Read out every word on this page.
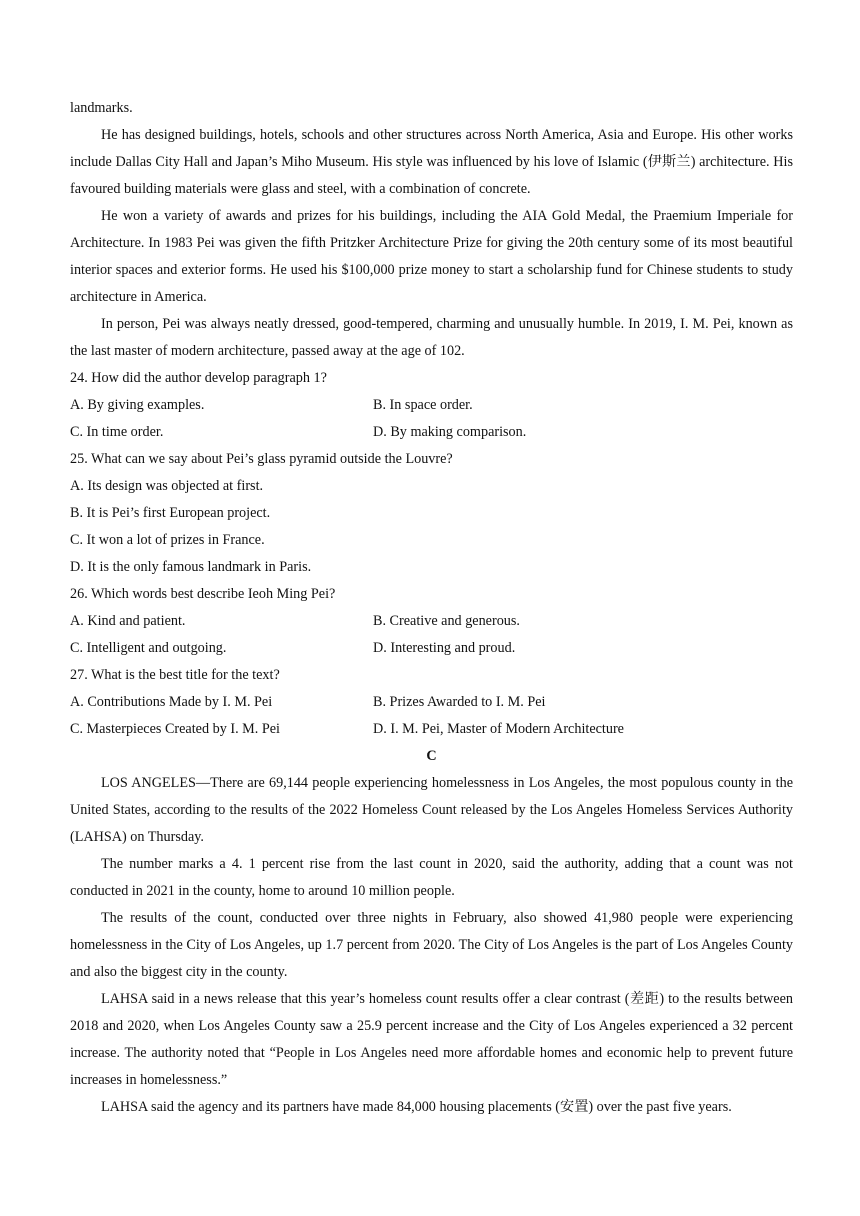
landmarks.

He has designed buildings, hotels, schools and other structures across North America, Asia and Europe. His other works include Dallas City Hall and Japan’s Miho Museum. His style was influenced by his love of Islamic (伊斯兰) architecture. His favoured building materials were glass and steel, with a combination of concrete.

He won a variety of awards and prizes for his buildings, including the AIA Gold Medal, the Praemium Imperiale for Architecture. In 1983 Pei was given the fifth Pritzker Architecture Prize for giving the 20th century some of its most beautiful interior spaces and exterior forms. He used his $100,000 prize money to start a scholarship fund for Chinese students to study architecture in America.

In person, Pei was always neatly dressed, good-tempered, charming and unusually humble. In 2019, I. M. Pei, known as the last master of modern architecture, passed away at the age of 102.

24. How did the author develop paragraph 1?

A. By giving examples.	B. In space order.
C. In time order.	D. By making comparison.

25. What can we say about Pei’s glass pyramid outside the Louvre?

A. Its design was objected at first.

B. It is Pei’s first European project.

C. It won a lot of prizes in France.

D. It is the only famous landmark in Paris.

26. Which words best describe Ieoh Ming Pei?

A. Kind and patient.	B. Creative and generous.
C. Intelligent and outgoing.	D. Interesting and proud.

27. What is the best title for the text?

A. Contributions Made by I. M. Pei	B. Prizes Awarded to I. M. Pei
C. Masterpieces Created by I. M. Pei	D. I. M. Pei, Master of Modern Architecture

C

LOS ANGELES—There are 69,144 people experiencing homelessness in Los Angeles, the most populous county in the United States, according to the results of the 2022 Homeless Count released by the Los Angeles Homeless Services Authority (LAHSA) on Thursday.

The number marks a 4. 1 percent rise from the last count in 2020, said the authority, adding that a count was not conducted in 2021 in the county, home to around 10 million people.

The results of the count, conducted over three nights in February, also showed 41,980 people were experiencing homelessness in the City of Los Angeles, up 1.7 percent from 2020. The City of Los Angeles is the part of Los Angeles County and also the biggest city in the county.

LAHSA said in a news release that this year’s homeless count results offer a clear contrast (差距) to the results between 2018 and 2020, when Los Angeles County saw a 25.9 percent increase and the City of Los Angeles experienced a 32 percent increase. The authority noted that “People in Los Angeles need more affordable homes and economic help to prevent future increases in homelessness.”

LAHSA said the agency and its partners have made 84,000 housing placements (安置) over the past five years.
